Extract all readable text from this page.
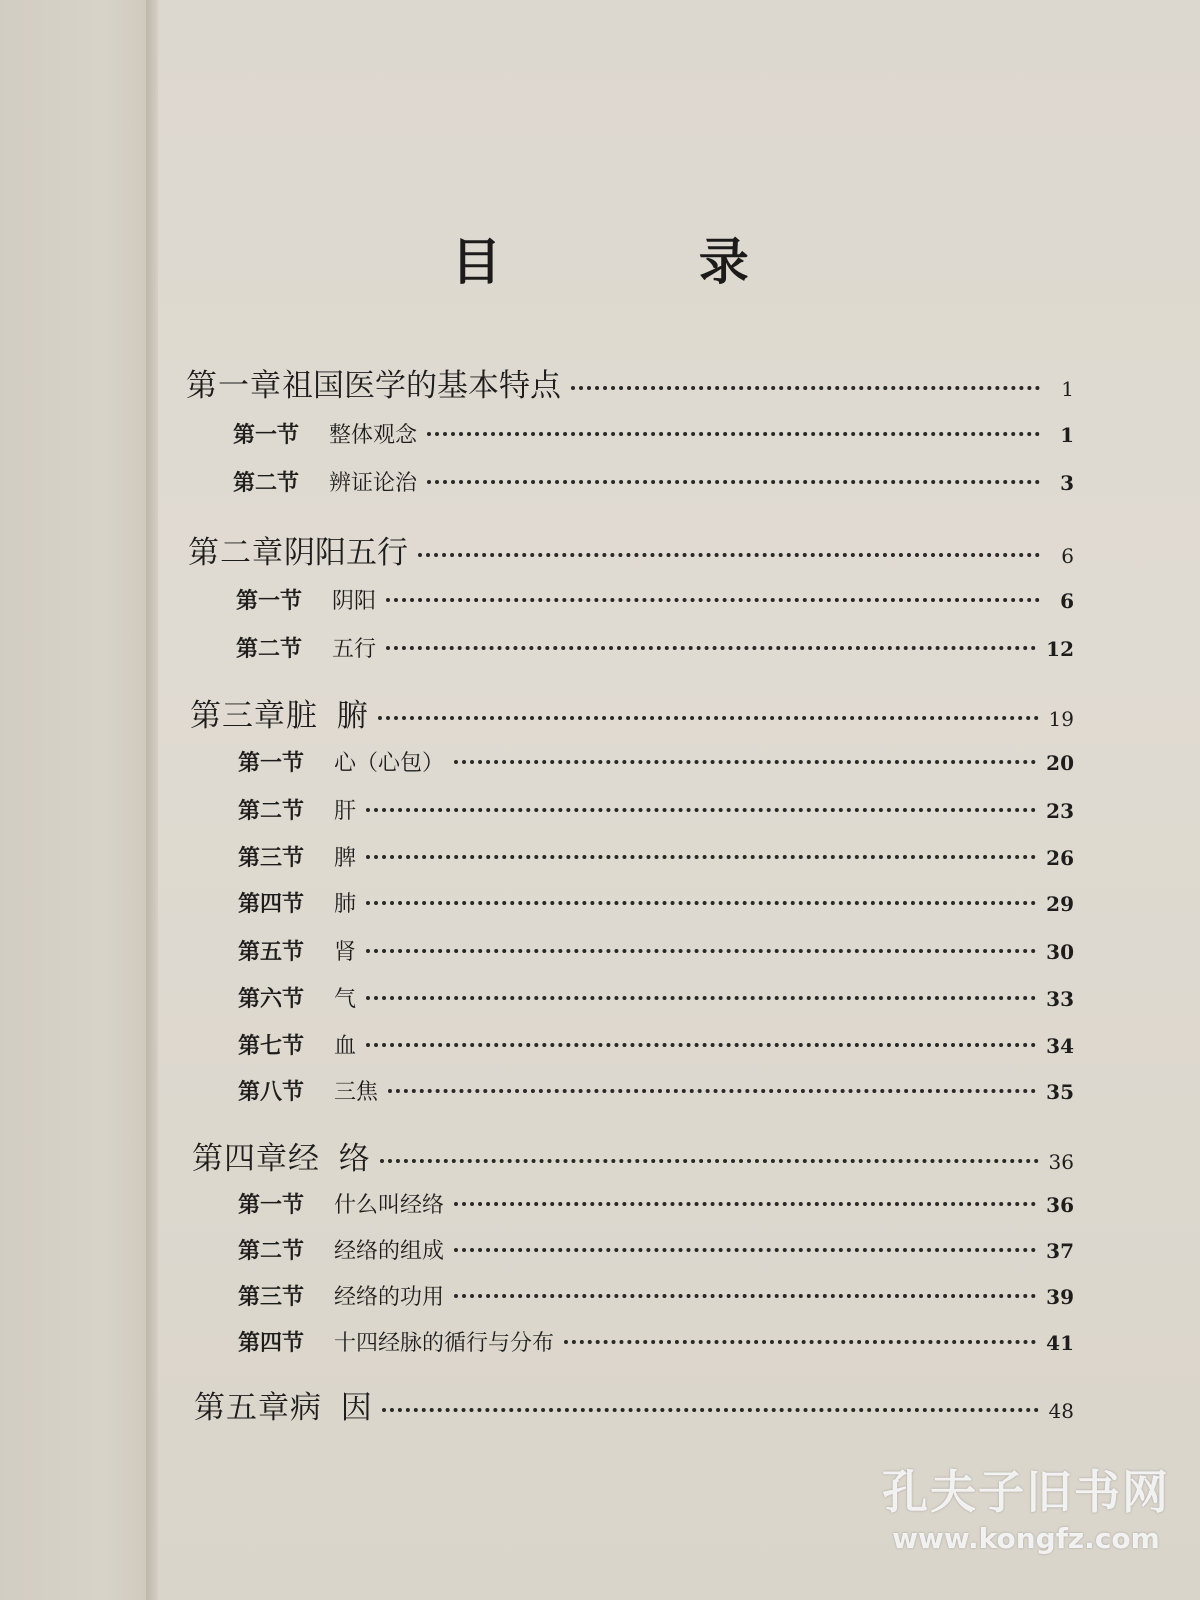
目 录
第一章 祖国医学的基本特点	1
第一节	整体观念	1
第二节	辨证论治	3
第二章 阴阳五行	6
第一节	阴阳	6
第二节	五行	12
第三章 脏  腑	19
第一节	心（心包）	20
第二节	肝	23
第三节	脾	26
第四节	肺	29
第五节	肾	30
第六节	气	33
第七节	血	34
第八节	三焦	35
第四章 经  络	36
第一节	什么叫经络	36
第二节	经络的组成	37
第三节	经络的功用	39
第四节	十四经脉的循行与分布	41
第五章 病  因	48
孔夫子旧书网
www.kongfz.com
